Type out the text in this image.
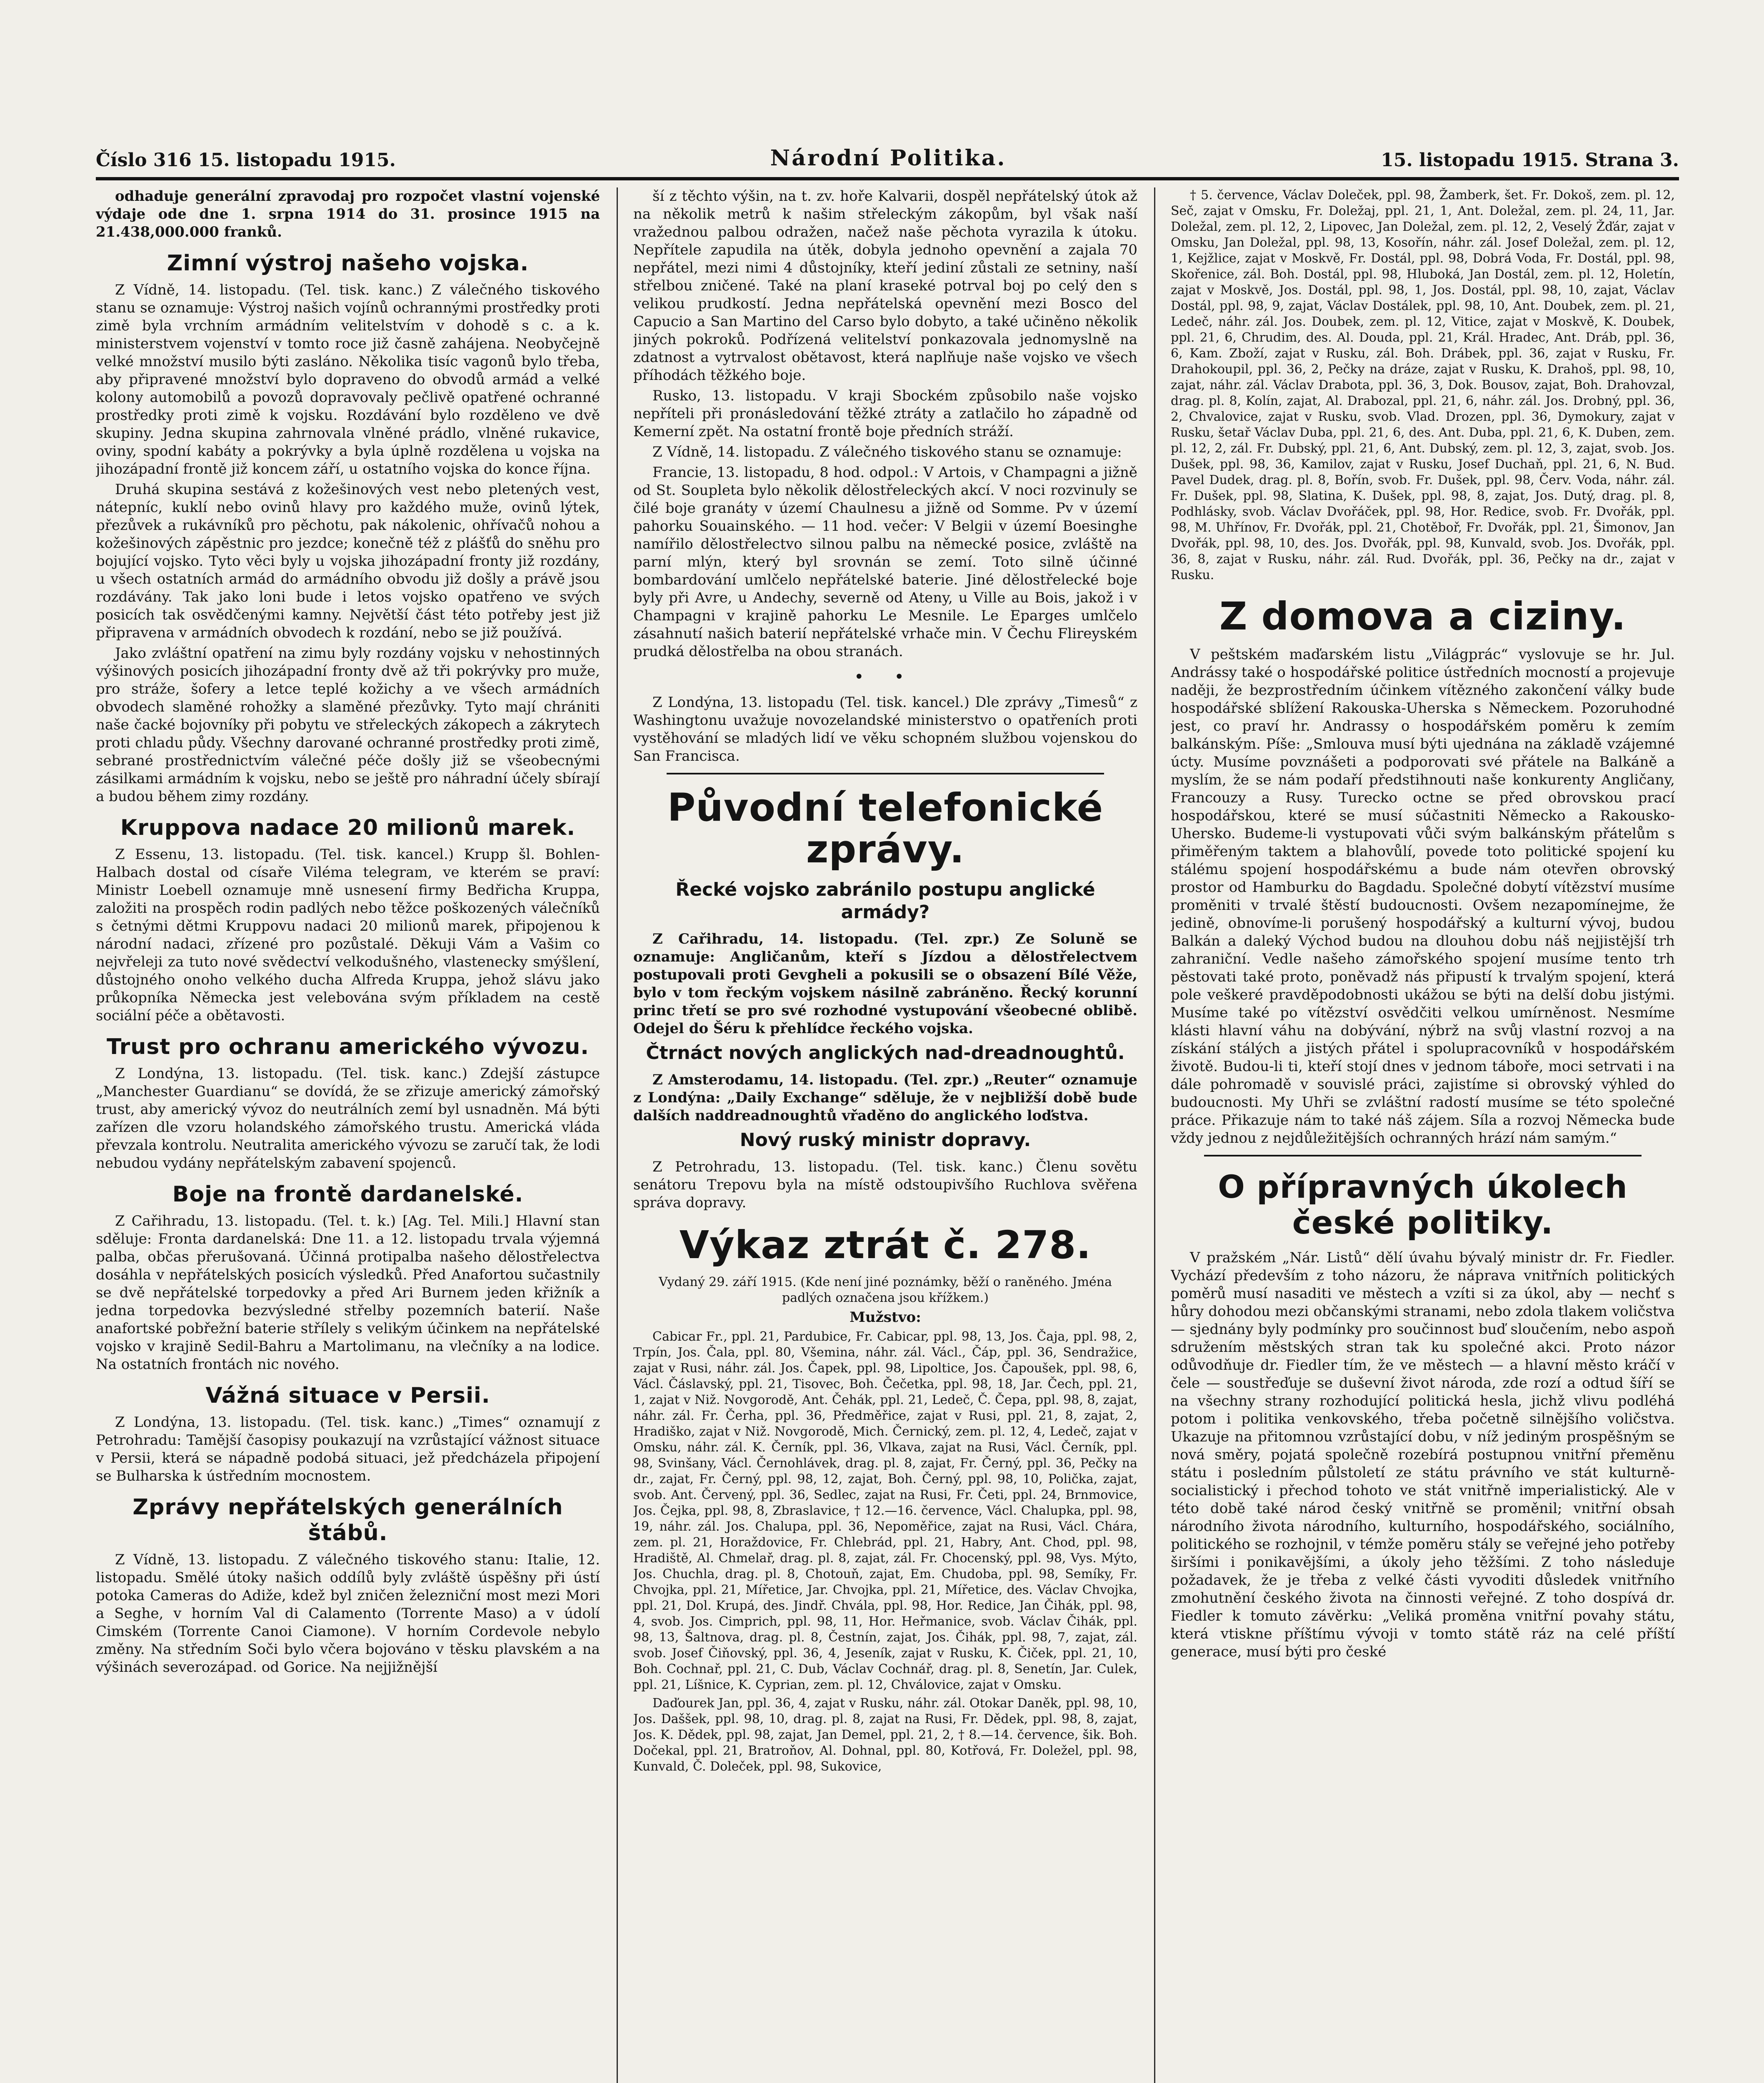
Číslo 316 15. listopadu 1915.	Národní Politika.	15. listopadu 1915. Strana 3.

odhaduje generální zpravodaj pro rozpočet vlastní vojenské výdaje ode dne 1. srpna 1914 do 31. prosince 1915 na 21.438,000.000 franků.

Zimní výstroj našeho vojska.

Z Vídně, 14. listopadu. (Tel. tisk. kanc.) Z válečného tiskového stanu se oznamuje: Výstroj našich vojínů ochrannými prostředky proti zimě byla vrchním armádním velitelstvím v dohodě s c. a k. ministerstvem vojenství v tomto roce již časně zahájena. Neobyčejně velké množství musilo býti zasláno. Několika tisíc vagonů bylo třeba, aby připravené množství bylo dopraveno do obvodů armád a velké kolony automobilů a povozů dopravovaly pečlivě opatřené ochranné prostředky proti zimě k vojsku. Rozdávání bylo rozděleno ve dvě skupiny. Jedna skupina zahrnovala vlněné prádlo, vlněné rukavice, oviny, spodní kabáty a pokrývky a byla úplně rozdělena u vojska na jihozápadní frontě již koncem září, u ostatního vojska do konce října.

Druhá skupina sestává z kožešinových vest nebo pletených vest, nátepníc, kuklí nebo ovinů hlavy pro každého muže, ovinů lýtek, přezůvek a rukávníků pro pěchotu, pak nákolenic, ohřívačů nohou a kožešinových zápěstnic pro jezdce; konečně též z plášťů do sněhu pro bojující vojsko. Tyto věci byly u vojska jihozápadní fronty již rozdány, u všech ostatních armád do armádního obvodu již došly a právě jsou rozdávány. Tak jako loni bude i letos vojsko opatřeno ve svých posicích tak osvědčenými kamny. Největší část této potřeby jest již připravena v armádních obvodech k rozdání, nebo se již používá.

Jako zvláštní opatření na zimu byly rozdány vojsku v nehostinných výšinových posicích jihozápadní fronty dvě až tři pokrývky pro muže, pro stráže, šofery a letce teplé kožichy a ve všech armádních obvodech slaměné rohožky a slaměné přezůvky. Tyto mají chrániti naše čacké bojovníky při pobytu ve střeleckých zákopech a zákrytech proti chladu půdy. Všechny darované ochranné prostředky proti zimě, sebrané prostřednictvím válečné péče došly již se všeobecnými zásilkami armádním k vojsku, nebo se ještě pro náhradní účely sbírají a budou během zimy rozdány.

Kruppova nadace 20 milionů marek.

Z Essenu, 13. listopadu. (Tel. tisk. kancel.) Krupp šl. Bohlen-Halbach dostal od císaře Viléma telegram, ve kterém se praví: Ministr Loebell oznamuje mně usnesení firmy Bedřicha Kruppa, založiti na prospěch rodin padlých nebo těžce poškozených válečníků s četnými dětmi Kruppovu nadaci 20 milionů marek, připojenou k národní nadaci, zřízené pro pozůstalé. Děkuji Vám a Vašim co nejvřeleji za tuto nové svědectví velkodušného, vlastenecky smýšlení, důstojného onoho velkého ducha Alfreda Kruppa, jehož slávu jako průkopníka Německa jest velebována svým příkladem na cestě sociální péče a obětavosti.

Trust pro ochranu amerického vývozu.

Z Londýna, 13. listopadu. (Tel. tisk. kanc.) Zdejší zástupce „Manchester Guardianu“ se dovídá, že se zřizuje americký zámořský trust, aby americký vývoz do neutrálních zemí byl usnadněn. Má býti zařízen dle vzoru holandského zámořského trustu. Americká vláda převzala kontrolu. Neutralita amerického vývozu se zaručí tak, že lodi nebudou vydány nepřátelským zabavení spojenců.

Boje na frontě dardanelské.

Z Cařihradu, 13. listopadu. (Tel. t. k.) [Ag. Tel. Mili.] Hlavní stan sděluje: Fronta dardanelská: Dne 11. a 12. listopadu trvala výjemná palba, občas přerušovaná. Účinná protipalba našeho dělostřelectva dosáhla v nepřátelských posicích výsledků. Před Anafortou sučastnily se dvě nepřátelské torpedovky a před Ari Burnem jeden křižník a jedna torpedovka bezvýsledné střelby pozemních baterií. Naše anafortské pobřežní baterie střílely s velikým účinkem na nepřátelské vojsko v krajině Sedil-Bahru a Martolimanu, na vlečníky a na lodice. Na ostatních frontách nic nového.

Vážná situace v Persii.

Z Londýna, 13. listopadu. (Tel. tisk. kanc.) „Times“ oznamují z Petrohradu: Tamější časopisy poukazují na vzrůstající vážnost situace v Persii, která se nápadně podobá situaci, jež předcházela připojení se Bulharska k ústředním mocnostem.

Zprávy nepřátelských generálních štábů.

Z Vídně, 13. listopadu. Z válečného tiskového stanu: Italie, 12. listopadu. Smělé útoky našich oddílů byly zvláště úspěšny při ústí potoka Cameras do Adiže, kdež byl zničen železniční most mezi Mori a Seghe, v horním Val di Calamento (Torrente Maso) a v údolí Cimském (Torrente Canoi Ciamone). V horním Cordevole nebylo změny. Na středním Soči bylo včera bojováno v těsku plavském a na výšinách severozápad. od Gorice. Na nejjižnější

ší z těchto výšin, na t. zv. hoře Kalvarii, dospěl nepřátelský útok až na několik metrů k našim střeleckým zákopům, byl však naší vražednou palbou odražen, načež naše pěchota vyrazila k útoku. Nepřítele zapudila na útěk, dobyla jednoho opevnění a zajala 70 nepřátel, mezi nimi 4 důstojníky, kteří jediní zůstali ze setniny, naší střelbou zničené. Také na planí kraseké potrval boj po celý den s velikou prudkostí. Jedna nepřátelská opevnění mezi Bosco del Capucio a San Martino del Carso bylo dobyto, a také učiněno několik jiných pokroků. Podřízená velitelství ponkazovala jednomyslně na zdatnost a vytrvalost obětavost, která naplňuje naše vojsko ve všech příhodách těžkého boje.

Rusko, 13. listopadu. V kraji Sbockém způsobilo naše vojsko nepříteli při pronásledování těžké ztráty a zatlačilo ho západně od Kemerní zpět. Na ostatní frontě boje předních stráží.

Z Vídně, 14. listopadu. Z válečného tiskového stanu se oznamuje:

Francie, 13. listopadu, 8 hod. odpol.: V Artois, v Champagni a jižně od St. Soupleta bylo několik dělostřeleckých akcí. V noci rozvinuly se čilé boje granáty v území Chaulnesu a jižně od Somme. Pv v území pahorku Souainského. — 11 hod. večer: V Belgii v území Boesinghe namířilo dělostřelectvo silnou palbu na německé posice, zvláště na parní mlýn, který byl srovnán se zemí. Toto silně účinné bombardování umlčelo nepřátelské baterie. Jiné dělostřelecké boje byly při Avre, u Andechy, severně od Ateny, u Ville au Bois, jakož i v Champagni v krajině pahorku Le Mesnile. Le Eparges umlčelo zásahnutí našich baterií nepřátelské vrhače min. V Čechu Flireyském prudká dělostřelba na obou stranách.

• •

Z Londýna, 13. listopadu (Tel. tisk. kancel.) Dle zprávy „Timesů“ z Washingtonu uvažuje novozelandské ministerstvo o opatřeních proti vystěhování se mladých lidí ve věku schopném službou vojenskou do San Francisca.

Původní telefonické zprávy.
Řecké vojsko zabránilo postupu anglické armády?

Z Cařihradu, 14. listopadu. (Tel. zpr.) Ze Soluně se oznamuje: Angličanům, kteří s Jízdou a dělostřelectvem postupovali proti Gevgheli a pokusili se o obsazení Bílé Věže, bylo v tom řeckým vojskem násilně zabráněno. Řecký korunní princ třetí se pro své rozhodné vystupování všeobecné oblibě. Odejel do Šéru k přehlídce řeckého vojska.

Čtrnáct nových anglických nad-dreadnoughtů.

Z Amsterodamu, 14. listopadu. (Tel. zpr.) „Reuter“ oznamuje z Londýna: „Daily Exchange“ sděluje, že v nejbližší době bude dalších naddreadnoughtů vřaděno do anglického loďstva.

Nový ruský ministr dopravy.

Z Petrohradu, 13. listopadu. (Tel. tisk. kanc.) Členu sovětu senátoru Trepovu byla na místě odstoupivšího Ruchlova svěřena správa dopravy.

Výkaz ztrát č. 278.

Vydaný 29. září 1915. (Kde není jiné poznámky, běží o raněného. Jména padlých označena jsou křížkem.)

Mužstvo:

Cabicar Fr., ppl. 21, Pardubice, Fr. Cabicar, ppl. 98, 13, Jos. Čaja, ppl. 98, 2, Trpín, Jos. Čala, ppl. 80, Všemina, náhr. zál. Václ., Čáp, ppl. 36, Sendražice, zajat v Rusi, náhr. zál. Jos. Čapek, ppl. 98, Lipoltice, Jos. Čapoušek, ppl. 98, 6, Václ. Čáslavský, ppl. 21, Tisovec, Boh. Čečetka, ppl. 98, 18, Jar. Čech, ppl. 21, 1, zajat v Niž. Novgorodě, Ant. Čehák, ppl. 21, Ledeč, Č. Čepa, ppl. 98, 8, zajat, náhr. zál. Fr. Čerha, ppl. 36, Předměřice, zajat v Rusi, ppl. 21, 8, zajat, 2, Hradiško, zajat v Niž. Novgorodě, Mich. Černický, zem. pl. 12, 4, Ledeč, zajat v Omsku, náhr. zál. K. Černík, ppl. 36, Vlkava, zajat na Rusi, Václ. Černík, ppl. 98, Svinšany, Václ. Černohlávek, drag. pl. 8, zajat, Fr. Černý, ppl. 36, Pečky na dr., zajat, Fr. Černý, ppl. 98, 12, zajat, Boh. Černý, ppl. 98, 10, Polička, zajat, svob. Ant. Červený, ppl. 36, Sedlec, zajat na Rusi, Fr. Četi, ppl. 24, Brnmovice, Jos. Čejka, ppl. 98, 8, Zbraslavice, † 12.—16. července, Václ. Chalupka, ppl. 98, 19, náhr. zál. Jos. Chalupa, ppl. 36, Nepoměřice, zajat na Rusi, Václ. Chára, zem. pl. 21, Horaždovice, Fr. Chlebrád, ppl. 21, Habry, Ant. Chod, ppl. 98, Hradiště, Al. Chmelař, drag. pl. 8, zajat, zál. Fr. Chocenský, ppl. 98, Vys. Mýto, Jos. Chuchla, drag. pl. 8, Chotouň, zajat, Em. Chudoba, ppl. 98, Semíky, Fr. Chvojka, ppl. 21, Mířetice, Jar. Chvojka, ppl. 21, Mířetice, des. Václav Chvojka, ppl. 21, Dol. Krupá, des. Jindř. Chvála, ppl. 98, Hor. Redice, Jan Čihák, ppl. 98, 4, svob. Jos. Cimprich, ppl. 98, 11, Hor. Heřmanice, svob. Václav Čihák, ppl. 98, 13, Šaltnova, drag. pl. 8, Čestnín, zajat, Jos. Čihák, ppl. 98, 7, zajat, zál. svob. Josef Čiňovský, ppl. 36, 4, Jeseník, zajat v Rusku, K. Čiček, ppl. 21, 10, Boh. Cochnař, ppl. 21, C. Dub, Václav Cochnář, drag. pl. 8, Senetín, Jar. Culek, ppl. 21, Líšnice, K. Cyprian, zem. pl. 12, Chválovice, zajat v Omsku.

Daďourek Jan, ppl. 36, 4, zajat v Rusku, náhr. zál. Otokar Daněk, ppl. 98, 10, Jos. Daššek, ppl. 98, 10, drag. pl. 8, zajat na Rusi, Fr. Dědek, ppl. 98, 8, zajat, Jos. K. Dědek, ppl. 98, zajat, Jan Demel, ppl. 21, 2, † 8.—14. července, šik. Boh. Dočekal, ppl. 21, Bratroňov, Al. Dohnal, ppl. 80, Kotřová, Fr. Doležel, ppl. 98, Kunvald, Č. Doleček, ppl. 98, Sukovice,

† 5. července, Václav Doleček, ppl. 98, Žamberk, šet. Fr. Dokoš, zem. pl. 12, Seč, zajat v Omsku, Fr. Doležaj, ppl. 21, 1, Ant. Doležal, zem. pl. 24, 11, Jar. Doležal, zem. pl. 12, 2, Lipovec, Jan Doležal, zem. pl. 12, 2, Veselý Žďár, zajat v Omsku, Jan Doležal, ppl. 98, 13, Kosořín, náhr. zál. Josef Doležal, zem. pl. 12, 1, Kejžlice, zajat v Moskvě, Fr. Dostál, ppl. 98, Dobrá Voda, Fr. Dostál, ppl. 98, Skořenice, zál. Boh. Dostál, ppl. 98, Hluboká, Jan Dostál, zem. pl. 12, Holetín, zajat v Moskvě, Jos. Dostál, ppl. 98, 1, Jos. Dostál, ppl. 98, 10, zajat, Václav Dostál, ppl. 98, 9, zajat, Václav Dostálek, ppl. 98, 10, Ant. Doubek, zem. pl. 21, Ledeč, náhr. zál. Jos. Doubek, zem. pl. 12, Vitice, zajat v Moskvě, K. Doubek, ppl. 21, 6, Chrudim, des. Al. Douda, ppl. 21, Král. Hradec, Ant. Dráb, ppl. 36, 6, Kam. Zboží, zajat v Rusku, zál. Boh. Drábek, ppl. 36, zajat v Rusku, Fr. Drahokoupil, ppl. 36, 2, Pečky na dráze, zajat v Rusku, K. Drahoš, ppl. 98, 10, zajat, náhr. zál. Václav Drabota, ppl. 36, 3, Dok. Bousov, zajat, Boh. Drahovzal, drag. pl. 8, Kolín, zajat, Al. Drabozal, ppl. 21, 6, náhr. zál. Jos. Drobný, ppl. 36, 2, Chvalovice, zajat v Rusku, svob. Vlad. Drozen, ppl. 36, Dymokury, zajat v Rusku, šetař Václav Duba, ppl. 21, 6, des. Ant. Duba, ppl. 21, 6, K. Duben, zem. pl. 12, 2, zál. Fr. Dubský, ppl. 21, 6, Ant. Dubský, zem. pl. 12, 3, zajat, svob. Jos. Dušek, ppl. 98, 36, Kamilov, zajat v Rusku, Josef Duchaň, ppl. 21, 6, N. Bud. Pavel Dudek, drag. pl. 8, Bořín, svob. Fr. Dušek, ppl. 98, Červ. Voda, náhr. zál. Fr. Dušek, ppl. 98, Slatina, K. Dušek, ppl. 98, 8, zajat, Jos. Dutý, drag. pl. 8, Podhlásky, svob. Václav Dvořáček, ppl. 98, Hor. Redice, svob. Fr. Dvořák, ppl. 98, M. Uhřínov, Fr. Dvořák, ppl. 21, Chotěboř, Fr. Dvořák, ppl. 21, Šimonov, Jan Dvořák, ppl. 98, 10, des. Jos. Dvořák, ppl. 98, Kunvald, svob. Jos. Dvořák, ppl. 36, 8, zajat v Rusku, náhr. zál. Rud. Dvořák, ppl. 36, Pečky na dr., zajat v Rusku.

Z domova a ciziny.

V peštském maďarském listu „Világprác“ vyslovuje se hr. Jul. Andrássy také o hospodářské politice ústředních mocností a projevuje naději, že bezprostředním účinkem vítězného zakončení války bude hospodářské sblížení Rakouska-Uherska s Německem. Pozoruhodné jest, co praví hr. Andrassy o hospodářském poměru k zemím balkánským. Píše: „Smlouva musí býti ujednána na základě vzájemné úcty. Musíme povznášeti a podporovati své přátele na Balkáně a myslím, že se nám podaří předstihnouti naše konkurenty Angličany, Francouzy a Rusy. Turecko octne se před obrovskou prací hospodářskou, které se musí súčastniti Německo a Rakousko-Uhersko. Budeme-li vystupovati vůči svým balkánským přátelům s přiměřeným taktem a blahovůlí, povede toto politické spojení ku stálému spojení hospodářskému a bude nám otevřen obrovský prostor od Hamburku do Bagdadu. Společné dobytí vítězství musíme proměniti v trvalé štěstí budoucnosti. Ovšem nezapomínejme, že jedině, obnovíme-li porušený hospodářský a kulturní vývoj, budou Balkán a daleký Východ budou na dlouhou dobu náš nejjistější trh zahraniční. Vedle našeho zámořského spojení musíme tento trh pěstovati také proto, poněvadž nás připustí k trvalým spojení, která pole veškeré pravděpodobnosti ukážou se býti na delší dobu jistými. Musíme také po vítězství osvědčiti velkou umírněnost. Nesmíme klásti hlavní váhu na dobývání, nýbrž na svůj vlastní rozvoj a na získání stálých a jistých přátel i spolupracovníků v hospodářském životě. Budou-li ti, kteří stojí dnes v jednom táboře, moci setrvati i na dále pohromadě v souvislé práci, zajistíme si obrovský výhled do budoucnosti. My Uhři se zvláštní radostí musíme se této společné práce. Přikazuje nám to také náš zájem. Síla a rozvoj Německa bude vždy jednou z nejdůležitějších ochranných hrází nám samým.“

O přípravných úkolech české politiky.

V pražském „Nár. Listů“ dělí úvahu bývalý ministr dr. Fr. Fiedler. Vychází především z toho názoru, že náprava vnitřních politických poměrů musí nasaditi ve městech a vzíti si za úkol, aby — nechť s hůry dohodou mezi občanskými stranami, nebo zdola tlakem voličstva — sjednány byly podmínky pro součinnost buď sloučením, nebo aspoň sdružením městských stran tak ku společné akci. Proto názor odůvodňuje dr. Fiedler tím, že ve městech — a hlavní město kráčí v čele — soustřeďuje se duševní život národa, zde rozí a odtud šíří se na všechny strany rozhodující politická hesla, jichž vlivu podléhá potom i politika venkovského, třeba početně silnějšího voličstva. Ukazuje na přitomnou vzrůstající dobu, v níž jediným prospěšným se nová směry, pojatá společně rozebírá postupnou vnitřní přeměnu státu i posledním půlstoletí ze státu právního ve stát kulturně-socialistický i přechod tohoto ve stát vnitřně imperialistický. Ale v této době také národ český vnitřně se proměnil; vnitřní obsah národního života národního, kulturního, hospodářského, sociálního, politického se rozhojnil, v témže poměru stály se veřejné jeho potřeby širšími i ponikavějšími, a úkoly jeho těžšími. Z toho následuje požadavek, že je třeba z velké části vyvoditi důsledek vnitřního zmohutnění českého života na činnosti veřejné. Z toho dospívá dr. Fiedler k tomuto závěrku: „Veliká proměna vnitřní povahy státu, která vtiskne příštímu vývoji v tomto státě ráz na celé příští generace, musí býti pro české
